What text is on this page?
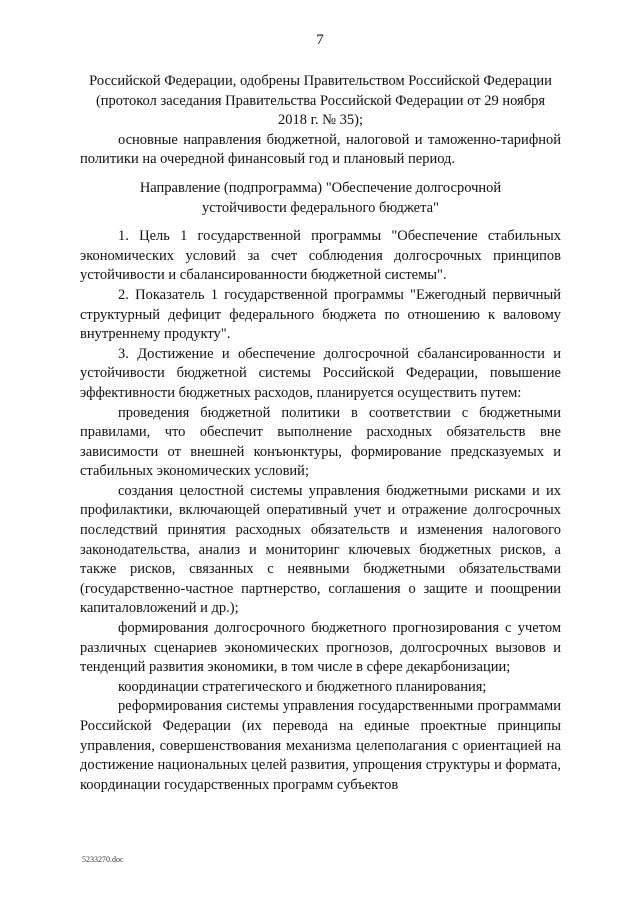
7

Российской Федерации, одобрены Правительством Российской Федерации

(протокол заседания Правительства Российской Федерации от 29 ноября

2018 г. № 35);

основные направления бюджетной, налоговой и таможенно-тарифной политики на очередной финансовый год и плановый период.

Направление (подпрограмма) "Обеспечение долгосрочной

устойчивости федерального бюджета"

1. Цель 1 государственной программы "Обеспечение стабильных экономических условий за счет соблюдения долгосрочных принципов устойчивости и сбалансированности бюджетной системы".

2. Показатель 1 государственной программы "Ежегодный первичный структурный дефицит федерального бюджета по отношению к валовому внутреннему продукту".

3. Достижение и обеспечение долгосрочной сбалансированности и устойчивости бюджетной системы Российской Федерации, повышение эффективности бюджетных расходов, планируется осуществить путем:

проведения бюджетной политики в соответствии с бюджетными правилами, что обеспечит выполнение расходных обязательств вне зависимости от внешней конъюнктуры, формирование предсказуемых и стабильных экономических условий;

создания целостной системы управления бюджетными рисками и их профилактики, включающей оперативный учет и отражение долгосрочных последствий принятия расходных обязательств и изменения налогового законодательства, анализ и мониторинг ключевых бюджетных рисков, а также рисков, связанных с неявными бюджетными обязательствами (государственно-частное партнерство, соглашения о защите и поощрении капиталовложений и др.);

формирования долгосрочного бюджетного прогнозирования с учетом различных сценариев экономических прогнозов, долгосрочных вызовов и тенденций развития экономики, в том числе в сфере декарбонизации;

координации стратегического и бюджетного планирования;

реформирования системы управления государственными программами Российской Федерации (их перевода на единые проектные принципы управления, совершенствования механизма целеполагания с ориентацией на достижение национальных целей развития, упрощения структуры и формата, координации государственных программ субъектов

5233270.doc
